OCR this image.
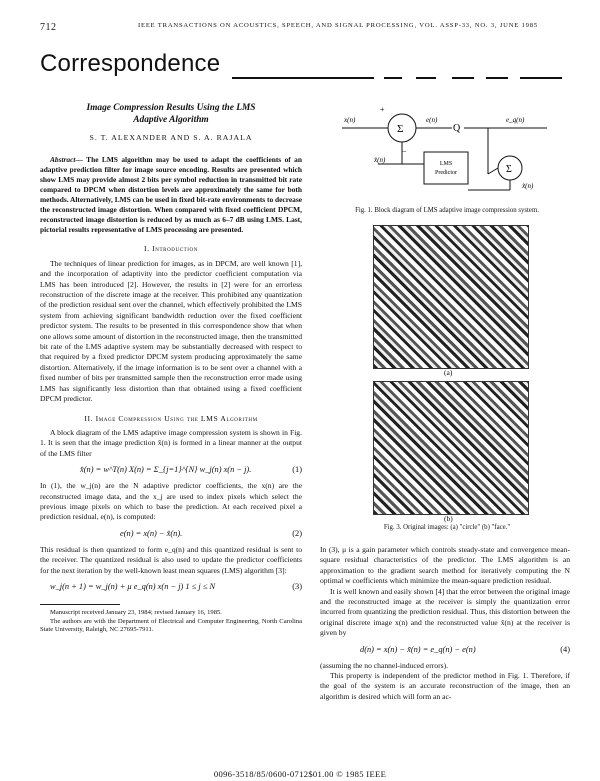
712	IEEE TRANSACTIONS ON ACOUSTICS, SPEECH, AND SIGNAL PROCESSING, VOL. ASSP-33, NO. 3, JUNE 1985
Correspondence
Image Compression Results Using the LMS
Adaptive Algorithm
S. T. ALEXANDER AND S. A. RAJALA
Abstract— The LMS algorithm may be used to adapt the coefficients of an adaptive prediction filter for image source encoding. Results are presented which show LMS may provide almost 2 bits per symbol reduction in transmitted bit rate compared to DPCM when distortion levels are approximately the same for both methods. Alternatively, LMS can be used in fixed bit-rate environments to decrease the reconstructed image distortion. When compared with fixed coefficient DPCM, reconstructed image distortion is reduced by as much as 6–7 dB using LMS. Last, pictorial results representative of LMS processing are presented.
I. Introduction

The techniques of linear prediction for images, as in DPCM, are well known [1], and the incorporation of adaptivity into the predictor coefficient computation via LMS has been introduced [2]. However, the results in [2] were for an errorless reconstruction of the discrete image at the receiver. This prohibited any quantization of the prediction residual sent over the channel, which effectively prohibited the LMS system from achieving significant bandwidth reduction over the fixed coefficient predictor system. The results to be presented in this correspondence show that when one allows some amount of distortion in the reconstructed image, then the transmitted bit rate of the LMS adaptive system may be substantially decreased with respect to that required by a fixed predictor DPCM system producing approximately the same distortion. Alternatively, if the image information is to be sent over a channel with a fixed number of bits per transmitted sample then the reconstruction error made using LMS has significantly less distortion than that obtained using a fixed coefficient DPCM predictor.

II. Image Compression Using the LMS Algorithm

A block diagram of the LMS adaptive image compression system is shown in Fig. 1. It is seen that the image prediction x̂(n) is formed in a linear manner at the output of the LMS filter

x̂(n) = w^T(n) X(n) = Σ_{j=1}^{N} w_j(n) x(n − j).	(1)

In (1), the w_j(n) are the N adaptive predictor coefficients, the x(n) are the reconstructed image data, and the x_j are used to index pixels which select the previous image pixels on which to base the prediction. At each received pixel a prediction residual, e(n), is computed:

e(n) = x(n) − x̂(n).	(2)

This residual is then quantized to form e_q(n) and this quantized residual is sent to the receiver. The quantized residual is also used to update the predictor coefficients for the next iteration by the well-known least mean squares (LMS) algorithm [3]:

w_j(n + 1) = w_j(n) + μ e_q(n) x(n − j) 1 ≤ j ≤ N	(3)

Manuscript received January 23, 1984; revised January 16, 1985.

The authors are with the Department of Electrical and Computer Engineering, North Carolina State University, Raleigh, NC 27695-7911.

x(n)
+
Σ
−
e(n)
Q
e_q(n)
LMS
Predictor
x̂(n)
Σ
x̃(n)
Fig. 1. Block diagram of LMS adaptive image compression system.
(a)
(b)
Fig. 3. Original images: (a) "circle" (b) "face."

In (3), μ is a gain parameter which controls steady-state and convergence mean-square residual characteristics of the predictor. The LMS algorithm is an approximation to the gradient search method for iteratively computing the N optimal w coefficients which minimize the mean-square prediction residual.

It is well known and easily shown [4] that the error between the original image and the reconstructed image at the receiver is simply the quantization error incurred from quantizing the prediction residual. Thus, this distortion between the original discrete image x(n) and the reconstructed value x̃(n) at the receiver is given by

d(n) = x(n) − x̃(n) = e_q(n) − e(n)	(4)

(assuming the no channel-induced errors).

This property is independent of the predictor method in Fig. 1. Therefore, if the goal of the system is an accurate reconstruction of the image, then an algorithm is desired which will form an ac-

0096-3518/85/0600-0712$01.00 © 1985 IEEE
